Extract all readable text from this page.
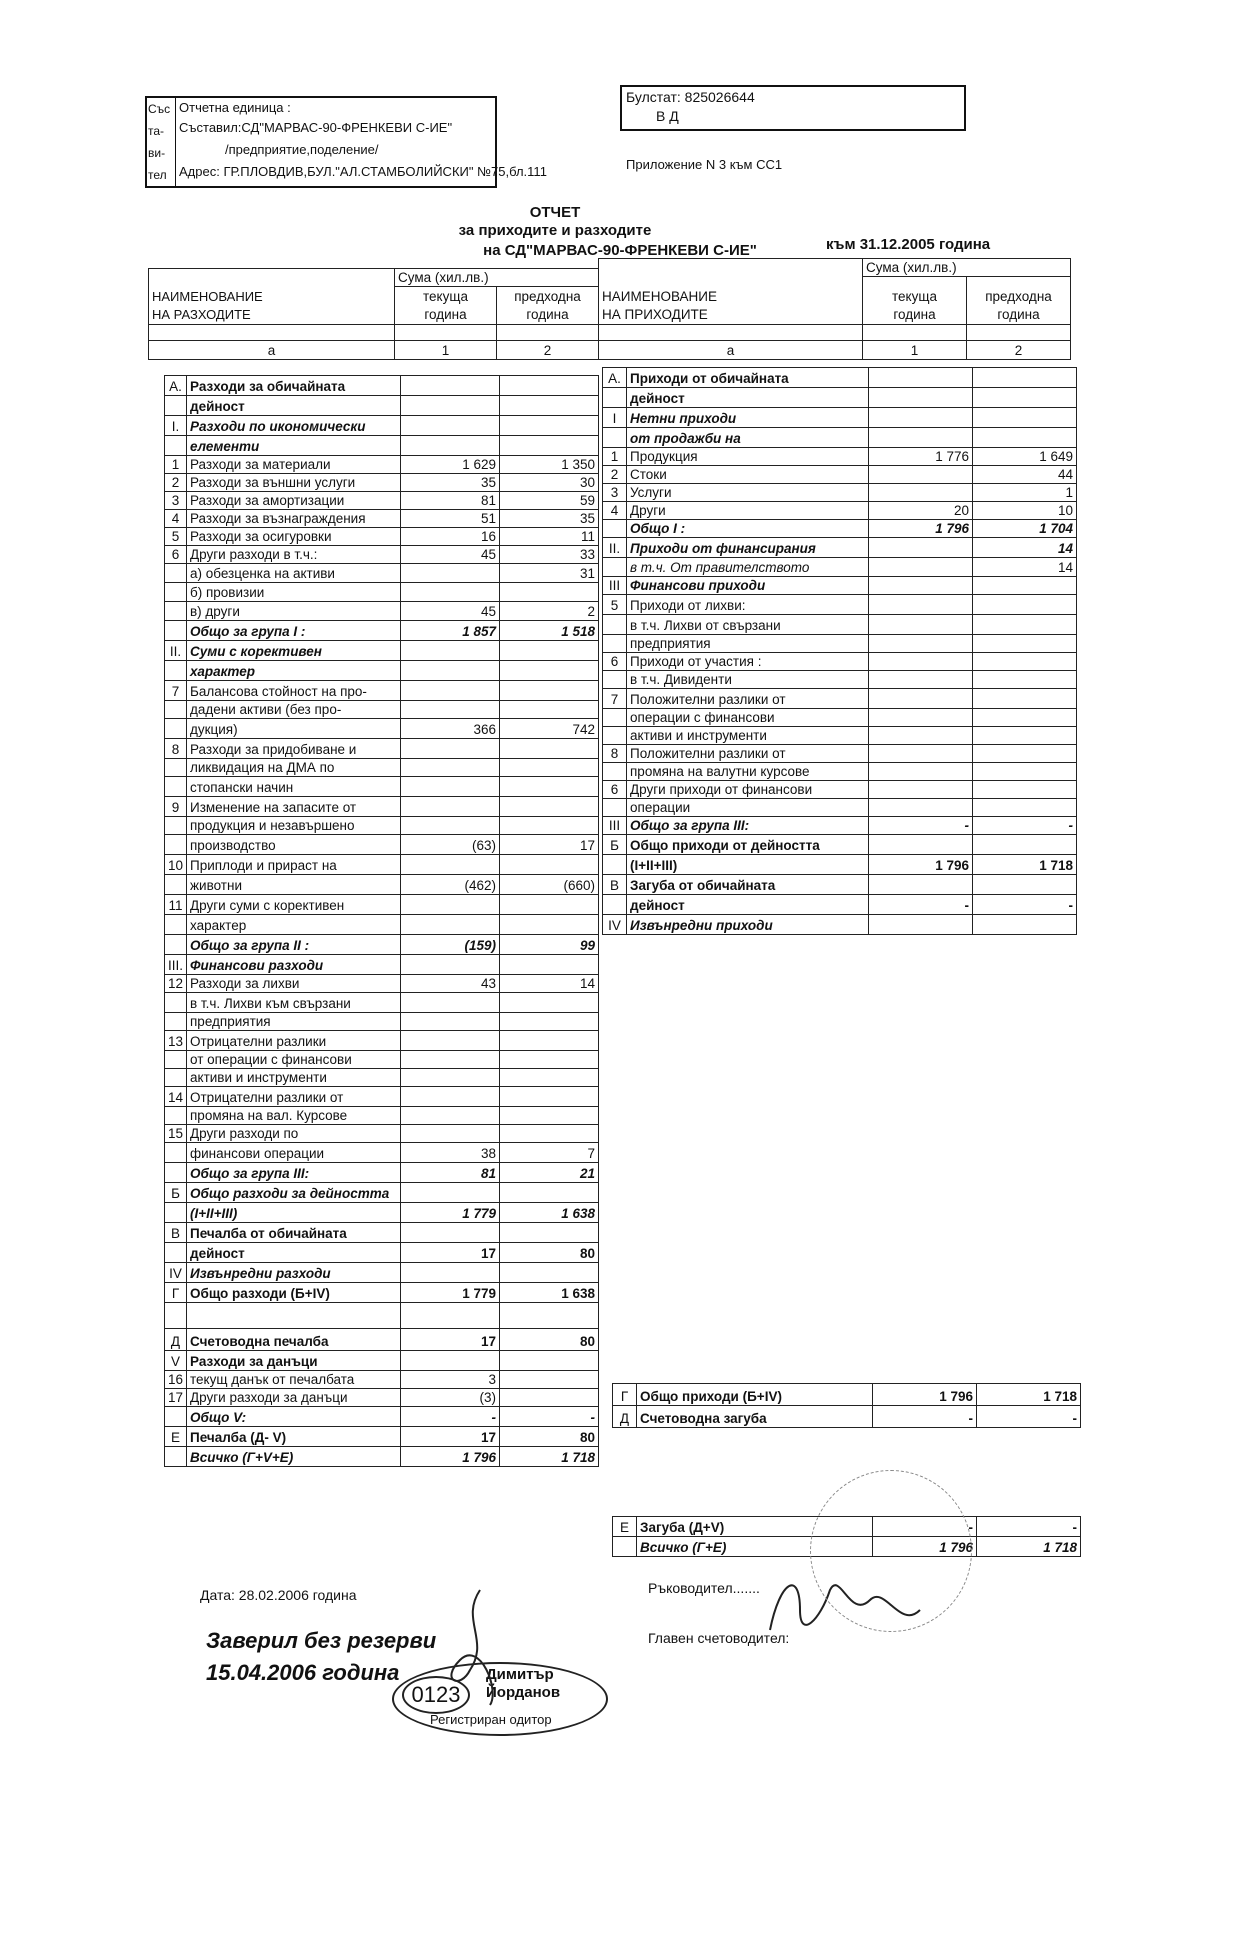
Със
та-
ви-
тел
Отчетна единица :
Съставил:СД"МАРВАС-90-ФРЕНКЕВИ С-ИЕ"
/предприятие,поделение/
Адрес: ГР.ПЛОВДИВ,БУЛ."АЛ.СТАМБОЛИЙСКИ" №75,бл.111	Приложение N 3 към СС1
Булстат: 825026644
В Д
ОТЧЕТ
за приходите и разходите
на СД"МАРВАС-90-ФРЕНКЕВИ С-ИЕ"	към 31.12.2005 година
НАИМЕНОВАНИЕ
НА РАЗХОДИТЕ	Сума (хил.лв.)	
	текуща
година	предходна
година

а	1	2
НАИМЕНОВАНИЕ
НА ПРИХОДИТЕ	Сума (хил.лв.)	
	текуща
година	предходна
година

а	1	2
А.	Разходи за обичайната		
	дейност		
I.	Разходи по икономически		
	елементи		
1	Разходи за материали	1 629	1 350
2	Разходи за външни услуги	35	30
3	Разходи за амортизации	81	59
4	Разходи за възнаграждения	51	35
5	Разходи за осигуровки	16	11
6	Други разходи в т.ч.:	45	33
	а) обезценка на активи		31
	б) провизии		
	в) други	45	2
	Общо за група I :	1 857	1 518
II.	Суми с корективен		
	характер		
7	Балансова стойност на про-		
	дадени активи (без про-		
	дукция)	366	742
8	Разходи за придобиване и		
	ликвидация на ДМА по		
	стопански начин		
9	Изменение на запасите от		
	продукция и незавършено		
	производство	(63)	17
10	Приплоди и прираст на		
	животни	(462)	(660)
11	Други суми с корективен		
	характер		
	Общо за група II :	(159)	99
III.	Финансови разходи		
12	Разходи за лихви	43	14
	в т.ч. Лихви към свързани		
	предприятия		
13	Отрицателни разлики		
	от операции с финансови		
	активи и инструменти		
14	Отрицателни разлики от		
	промяна на вал. Курсове		
15	Други разходи по		
	финансови операции	38	7
	Общо за група III:	81	21
Б	Общо разходи за дейността		
	(I+II+III)	1 779	1 638
В	Печалба от обичайната		
	дейност	17	80
IV	Извънредни разходи		
Г	Общо разходи (Б+IV)	1 779	1 638

Д	Счетоводна печалба	17	80
V	Разходи за данъци		
16	текущ данък от печалбата	3	
17	Други разходи за данъци	(3)	
	Общо V:	-	-
Е	Печалба (Д- V)	17	80
	Всичко (Г+V+Е)	1 796	1 718
А.	Приходи от обичайната		
	дейност		
I	Нетни приходи		
	от продажби на		
1	Продукция	1 776	1 649
2	Стоки		44
3	Услуги		1
4	Други	20	10
	Общо I :	1 796	1 704
II.	Приходи от финансирания		14
	в т.ч. От правителството		14
III	Финансови приходи		
5	Приходи от лихви:		
	в т.ч. Лихви от свързани		
	предприятия		
6	Приходи от участия :		
	в т.ч. Дивиденти		
7	Положителни разлики от		
	операции с финансови		
	активи и инструменти		
8	Положителни разлики от		
	промяна на валутни курсове		
6	Други приходи от финансови		
	операции		
III	Общо за група III:	-	-
Б	Общо приходи от дейността		
	(I+II+III)	1 796	1 718
В	Загуба от обичайната		
	дейност	-	-
IV	Извънредни приходи		
Г	Общо приходи (Б+IV)	1 796	1 718
Д	Счетоводна загуба	-	-
Е	Загуба (Д+V)	-	-
	Всичко (Г+Е)	1 796	1 718
Дата: 28.02.2006 година	Ръководител.......
Главен счетоводител:
Заверил без резерви
15.04.2006 година
0123
Димитър
Йорданов
Регистриран одитор
